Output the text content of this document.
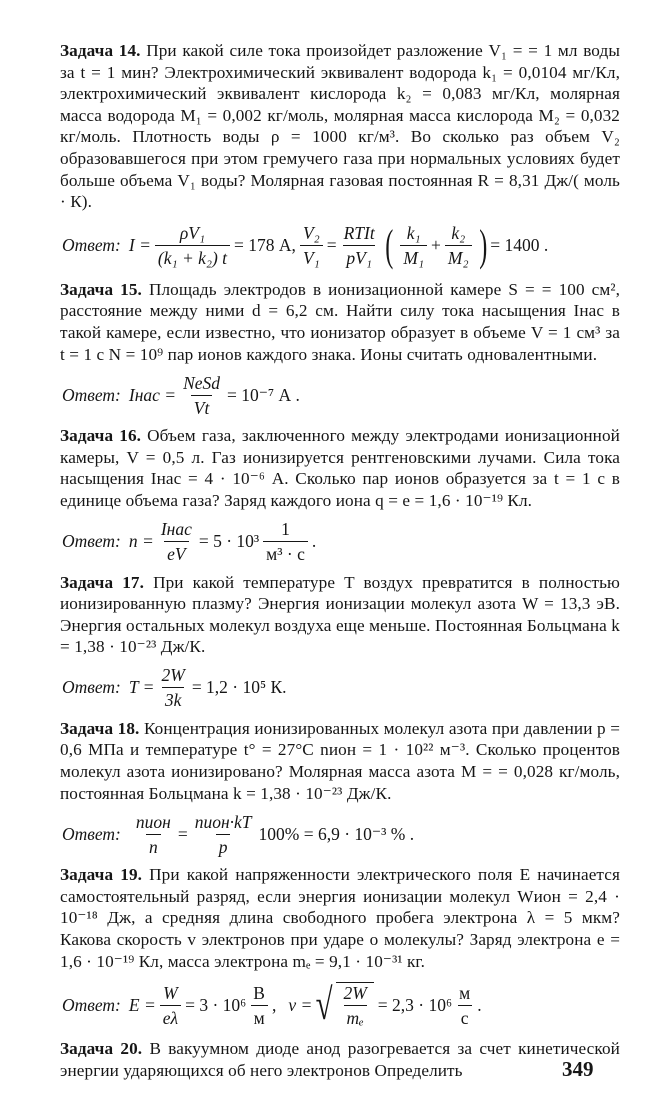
Задача 14. При какой силе тока произойдет разложение V₁ = = 1 мл воды за t = 1 мин? Электрохимический эквивалент водорода k₁ = 0,0104 мг/Кл, электрохимический эквивалент кислорода k₂ = 0,083 мг/Кл, молярная масса водорода M₁ = 0,002 кг/моль, молярная масса кислорода M₂ = 0,032 кг/моль. Плотность воды ρ = 1000 кг/м³. Во сколько раз объем V₂ образовавшегося при этом гремучего газа при нормальных условиях будет больше объема V₁ воды? Молярная газовая постоянная R = 8,31 Дж/( моль · К).

Ответ: $I = \frac{\text{ρV₁}}{\text{(k₁ + k₂) t}} = 178$ А, $\frac{\text{V₂}}{\text{V₁}} = \frac{\text{RTIt}}{\text{pV₁}}$ ( $\frac{\text{k₁}}{\text{M₁}} + \frac{\text{k₂}}{\text{M₂}}$ ) = 1400 .

Задача 15. Площадь электродов в ионизационной камере S = = 100 см², расстояние между ними d = 6,2 см. Найти силу тока насыщения Iнас в такой камере, если известно, что ионизатор образует в объеме V = 1 см³ за t = 1 с N = 10⁹ пар ионов каждого знака. Ионы считать одновалентными.

Ответ: Iнас = $\frac{\text{NeSd}}{Vt} = 10^{-7}$ А .

Задача 16. Объем газа, заключенного между электродами ионизационной камеры, V = 0,5 л. Газ ионизируется рентгеновскими лучами. Сила тока насыщения Iнас = 4 · 10⁻⁶ А. Сколько пар ионов образуется за t = 1 с в единице объема газа? Заряд каждого иона q = e = 1,6 · 10⁻¹⁹ Кл.

Ответ: $n = \frac{\text{Iнас}}{eV} = 5 \cdot 10^3 \frac{1}{\text{м³ · с}}$ .

Задача 17. При какой температуре T воздух превратится в полностью ионизированную плазму? Энергия ионизации молекул азота W = 13,3 эВ. Энергия остальных молекул воздуха еще меньше. Постоянная Больцмана k = 1,38 · 10⁻²³ Дж/К.

Ответ: $T = \frac{2W}{3k} = 1,2 \cdot 10^5$ К.

Задача 18. Концентрация ионизированных молекул азота при давлении p = 0,6 МПа и температуре t° = 27°C nион = 1 · 10²² м⁻³. Сколько процентов молекул азота ионизировано? Молярная масса азота M = = 0,028 кг/моль, постоянная Больцмана k = 1,38 · 10⁻²³ Дж/К.

Ответ: $\frac{\text{nион}}{n} = \frac{\text{nион·kT}}{p} 100\% = 6,9 \cdot 10^{-3}$ % .

Задача 19. При какой напряженности электрического поля E начинается самостоятельный разряд, если энергия ионизации молекул Wион = 2,4 · 10⁻¹⁸ Дж, а средняя длина свободного пробега электрона λ = 5 мкм? Какова скорость v электронов при ударе о молекулы? Заряд электрона e = 1,6 · 10⁻¹⁹ Кл, масса электрона mₑ = 9,1 · 10⁻³¹ кг.

Ответ: $E = \frac{W}{e\lambda} = 3 \cdot 10^6 \frac{В}{м}$ , v = √ $\frac{2W}{\text{mₑ}} = 2,3 \cdot 10^6 \frac{м}{с}$ .

Задача 20. В вакуумном диоде анод разогревается за счет кинетической энергии ударяющихся об него электронов Определить	349
